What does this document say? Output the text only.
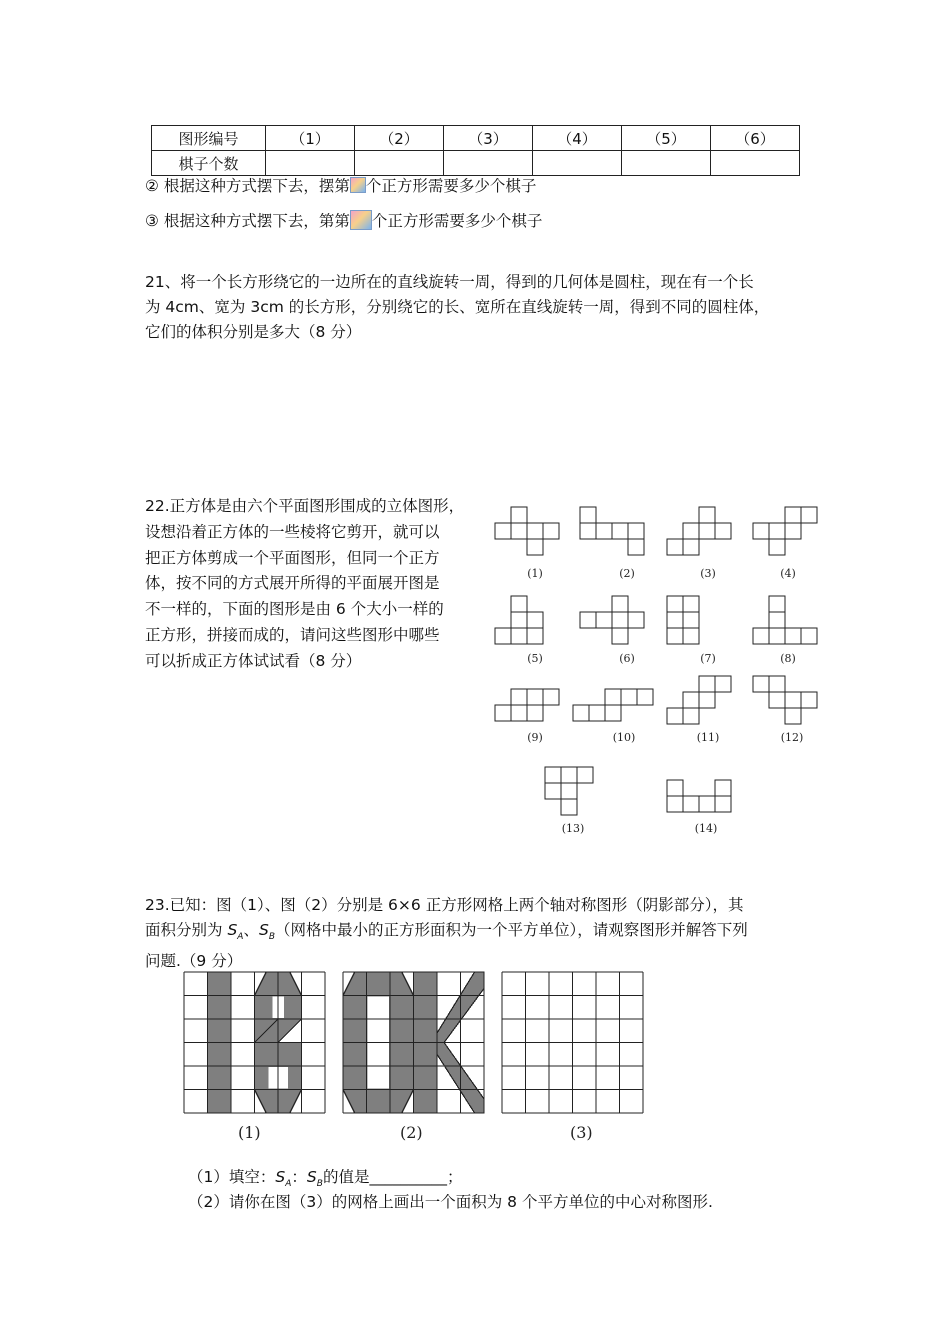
图形编号	（1）	（2）	（3）	（4）	（5）	（6）
棋子个数						
② 根据这种方式摆下去，摆第 个正方形需要多少个棋子
③ 根据这种方式摆下去，第第 个正方形需要多少个棋子
21、将一个长方形绕它的一边所在的直线旋转一周，得到的几何体是圆柱，现在有一个长
为 4cm、宽为 3cm 的长方形，分别绕它的长、宽所在直线旋转一周，得到不同的圆柱体，
它们的体积分别是多大（8 分）
22.正方体是由六个平面图形围成的立体图形，
设想沿着正方体的一些棱将它剪开，就可以
把正方体剪成一个平面图形，但同一个正方
体，按不同的方式展开所得的平面展开图是
不一样的，下面的图形是由 6 个大小一样的
正方形，拼接而成的，请问这些图形中哪些
可以折成正方体试试看（8 分）
(1)	(2)	(3)	(4)
(5)	(6)	(7)	(8)
(9)	(10)	(11)	(12)
(13)	(14)
23.已知：图（1）、图（2）分别是 6×6 正方形网格上两个轴对称图形（阴影部分），其
面积分别为 $S_A$、$S_B$（网格中最小的正方形面积为一个平方单位），请观察图形并解答下列
问题.（9 分）
(1)	(2)	(3)
（1）填空：$S_A$：$S_B$的值是__________；
（2）请你在图（3）的网格上画出一个面积为 8 个平方单位的中心对称图形.
